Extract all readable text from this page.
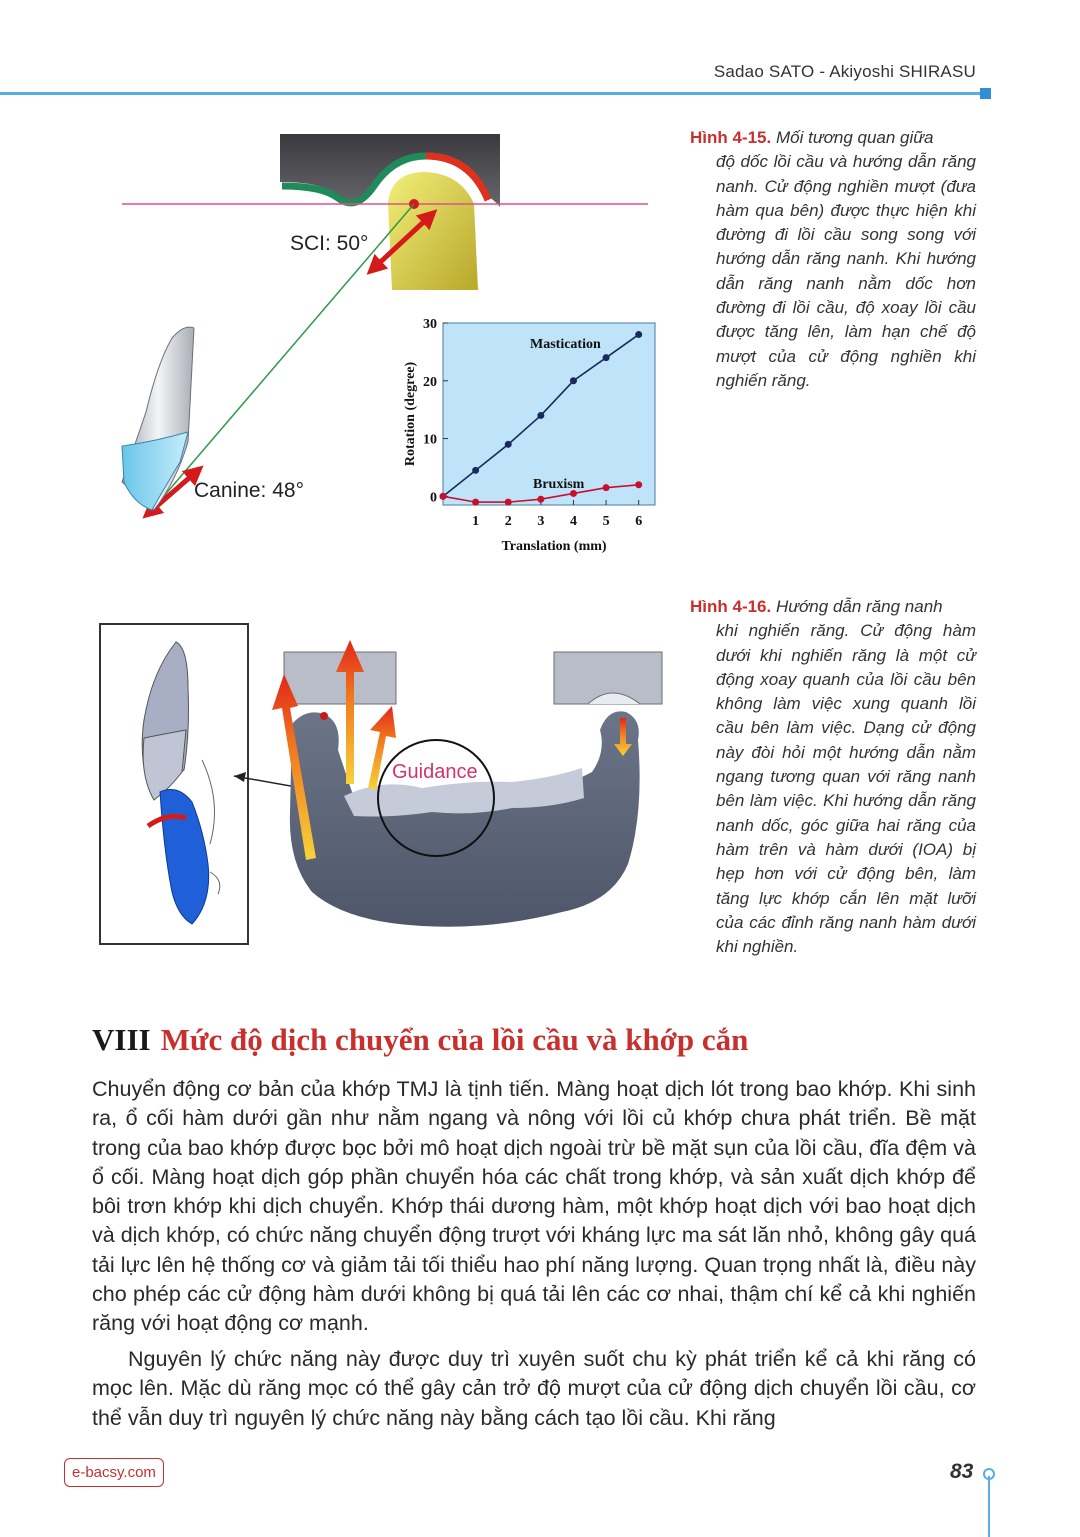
Sadao SATO - Akiyoshi SHIRASU
SCI: 50°
Canine: 48°
1 2 3 4 5 6
0
10
20
30
Translation (mm)
Rotation (degree)
Mastication
Bruxism
Hình 4-15. Mối tương quan giữa
độ dốc lồi cầu và hướng dẫn răng nanh. Cử động nghiền mượt (đưa hàm qua bên) được thực hiện khi đường đi lồi cầu song song với hướng dẫn răng nanh. Khi hướng dẫn răng nanh nằm dốc hơn đường đi lồi cầu, độ xoay lồi cầu được tăng lên, làm hạn chế độ mượt của cử động nghiền khi nghiến răng.
Guidance
Hình 4-16. Hướng dẫn răng nanh
khi nghiến răng. Cử động hàm dưới khi nghiến răng là một cử động xoay quanh của lồi cầu bên không làm việc xung quanh lồi cầu bên làm việc. Dạng cử động này đòi hỏi một hướng dẫn nằm ngang tương quan với răng nanh bên làm việc. Khi hướng dẫn răng nanh dốc, góc giữa hai răng của hàm trên và hàm dưới (IOA) bị hẹp hơn với cử động bên, làm tăng lực khớp cắn lên mặt lưỡi của các đỉnh răng nanh hàm dưới khi nghiền.
VIII Mức độ dịch chuyển của lồi cầu và khớp cắn

Chuyển động cơ bản của khớp TMJ là tịnh tiến. Màng hoạt dịch lót trong bao khớp. Khi sinh ra, ổ cối hàm dưới gần như nằm ngang và nông với lồi củ khớp chưa phát triển. Bề mặt trong của bao khớp được bọc bởi mô hoạt dịch ngoài trừ bề mặt sụn của lồi cầu, đĩa đệm và ổ cối. Màng hoạt dịch góp phần chuyển hóa các chất trong khớp, và sản xuất dịch khớp để bôi trơn khớp khi dịch chuyển. Khớp thái dương hàm, một khớp hoạt dịch với bao hoạt dịch và dịch khớp, có chức năng chuyển động trượt với kháng lực ma sát lăn nhỏ, không gây quá tải lực lên hệ thống cơ và giảm tải tối thiểu hao phí năng lượng. Quan trọng nhất là, điều này cho phép các cử động hàm dưới không bị quá tải lên các cơ nhai, thậm chí kể cả khi nghiến răng với hoạt động cơ mạnh.

Nguyên lý chức năng này được duy trì xuyên suốt chu kỳ phát triển kể cả khi răng có mọc lên. Mặc dù răng mọc có thể gây cản trở độ mượt của cử động dịch chuyển lồi cầu, cơ thể vẫn duy trì nguyên lý chức năng này bằng cách tạo lồi cầu. Khi răng

e-bacsy.com	83
